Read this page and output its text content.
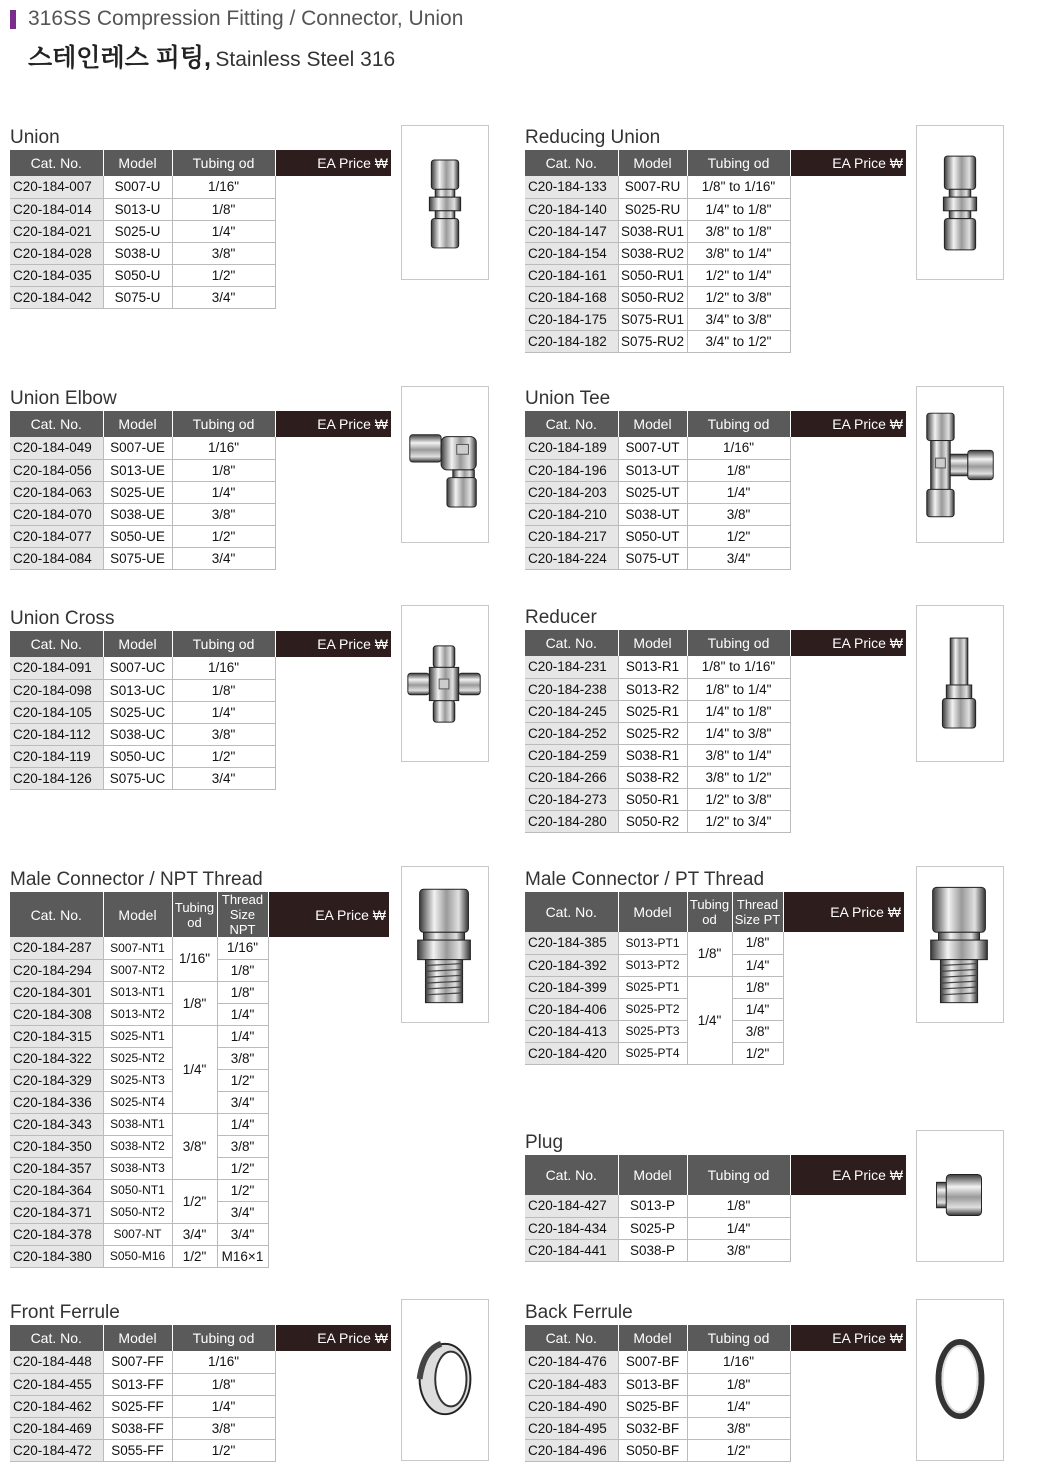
316SS Compression Fitting / Connector, Union
스테인레스 피팅, Stainless Steel 316
Union
Cat. No.	Model	Tubing od	EA Price ₩
C20-184-007	S007-U	1/16"	
C20-184-014	S013-U	1/8"	
C20-184-021	S025-U	1/4"	
C20-184-028	S038-U	3/8"	
C20-184-035	S050-U	1/2"	
C20-184-042	S075-U	3/4"	
Reducing Union
Cat. No.	Model	Tubing od	EA Price ₩
C20-184-133	S007-RU	1/8" to 1/16"	
C20-184-140	S025-RU	1/4" to 1/8"	
C20-184-147	S038-RU1	3/8" to 1/8"	
C20-184-154	S038-RU2	3/8" to 1/4"	
C20-184-161	S050-RU1	1/2" to 1/4"	
C20-184-168	S050-RU2	1/2" to 3/8"	
C20-184-175	S075-RU1	3/4" to 3/8"	
C20-184-182	S075-RU2	3/4" to 1/2"	
Union Elbow
Cat. No.	Model	Tubing od	EA Price ₩
C20-184-049	S007-UE	1/16"	
C20-184-056	S013-UE	1/8"	
C20-184-063	S025-UE	1/4"	
C20-184-070	S038-UE	3/8"	
C20-184-077	S050-UE	1/2"	
C20-184-084	S075-UE	3/4"	
Union Tee
Cat. No.	Model	Tubing od	EA Price ₩
C20-184-189	S007-UT	1/16"	
C20-184-196	S013-UT	1/8"	
C20-184-203	S025-UT	1/4"	
C20-184-210	S038-UT	3/8"	
C20-184-217	S050-UT	1/2"	
C20-184-224	S075-UT	3/4"	
Union Cross
Cat. No.	Model	Tubing od	EA Price ₩
C20-184-091	S007-UC	1/16"	
C20-184-098	S013-UC	1/8"	
C20-184-105	S025-UC	1/4"	
C20-184-112	S038-UC	3/8"	
C20-184-119	S050-UC	1/2"	
C20-184-126	S075-UC	3/4"	
Reducer
Cat. No.	Model	Tubing od	EA Price ₩
C20-184-231	S013-R1	1/8" to 1/16"	
C20-184-238	S013-R2	1/8" to 1/4"	
C20-184-245	S025-R1	1/4" to 1/8"	
C20-184-252	S025-R2	1/4" to 3/8"	
C20-184-259	S038-R1	3/8" to 1/4"	
C20-184-266	S038-R2	3/8" to 1/2"	
C20-184-273	S050-R1	1/2" to 3/8"	
C20-184-280	S050-R2	1/2" to 3/4"	
Male Connector / NPT Thread
Cat. No.	Model	Tubing
od	Thread
Size NPT	EA Price ₩
C20-184-287	S007-NT1	1/16"	1/16"	
C20-184-294	S007-NT2		1/8"	
C20-184-301	S013-NT1	1/8"	1/8"	
C20-184-308	S013-NT2		1/4"	
C20-184-315	S025-NT1	1/4"	1/4"	
C20-184-322	S025-NT2		3/8"	
C20-184-329	S025-NT3		1/2"	
C20-184-336	S025-NT4		3/4"	
C20-184-343	S038-NT1	3/8"	1/4"	
C20-184-350	S038-NT2		3/8"	
C20-184-357	S038-NT3		1/2"	
C20-184-364	S050-NT1	1/2"	1/2"	
C20-184-371	S050-NT2		3/4"	
C20-184-378	S007-NT	3/4"	3/4"	
C20-184-380	S050-M16	1/2"	M16×1	
Male Connector / PT Thread
Cat. No.	Model	Tubing
od	Thread
Size PT	EA Price ₩
C20-184-385	S013-PT1	1/8"	1/8"	
C20-184-392	S013-PT2		1/4"	
C20-184-399	S025-PT1	1/4"	1/8"	
C20-184-406	S025-PT2		1/4"	
C20-184-413	S025-PT3		3/8"	
C20-184-420	S025-PT4		1/2"	
Plug
Cat. No.	Model	Tubing od	EA Price ₩
C20-184-427	S013-P	1/8"	
C20-184-434	S025-P	1/4"	
C20-184-441	S038-P	3/8"	
Front Ferrule
Cat. No.	Model	Tubing od	EA Price ₩
C20-184-448	S007-FF	1/16"	
C20-184-455	S013-FF	1/8"	
C20-184-462	S025-FF	1/4"	
C20-184-469	S038-FF	3/8"	
C20-184-472	S055-FF	1/2"	
Back Ferrule
Cat. No.	Model	Tubing od	EA Price ₩
C20-184-476	S007-BF	1/16"	
C20-184-483	S013-BF	1/8"	
C20-184-490	S025-BF	1/4"	
C20-184-495	S032-BF	3/8"	
C20-184-496	S050-BF	1/2"	
